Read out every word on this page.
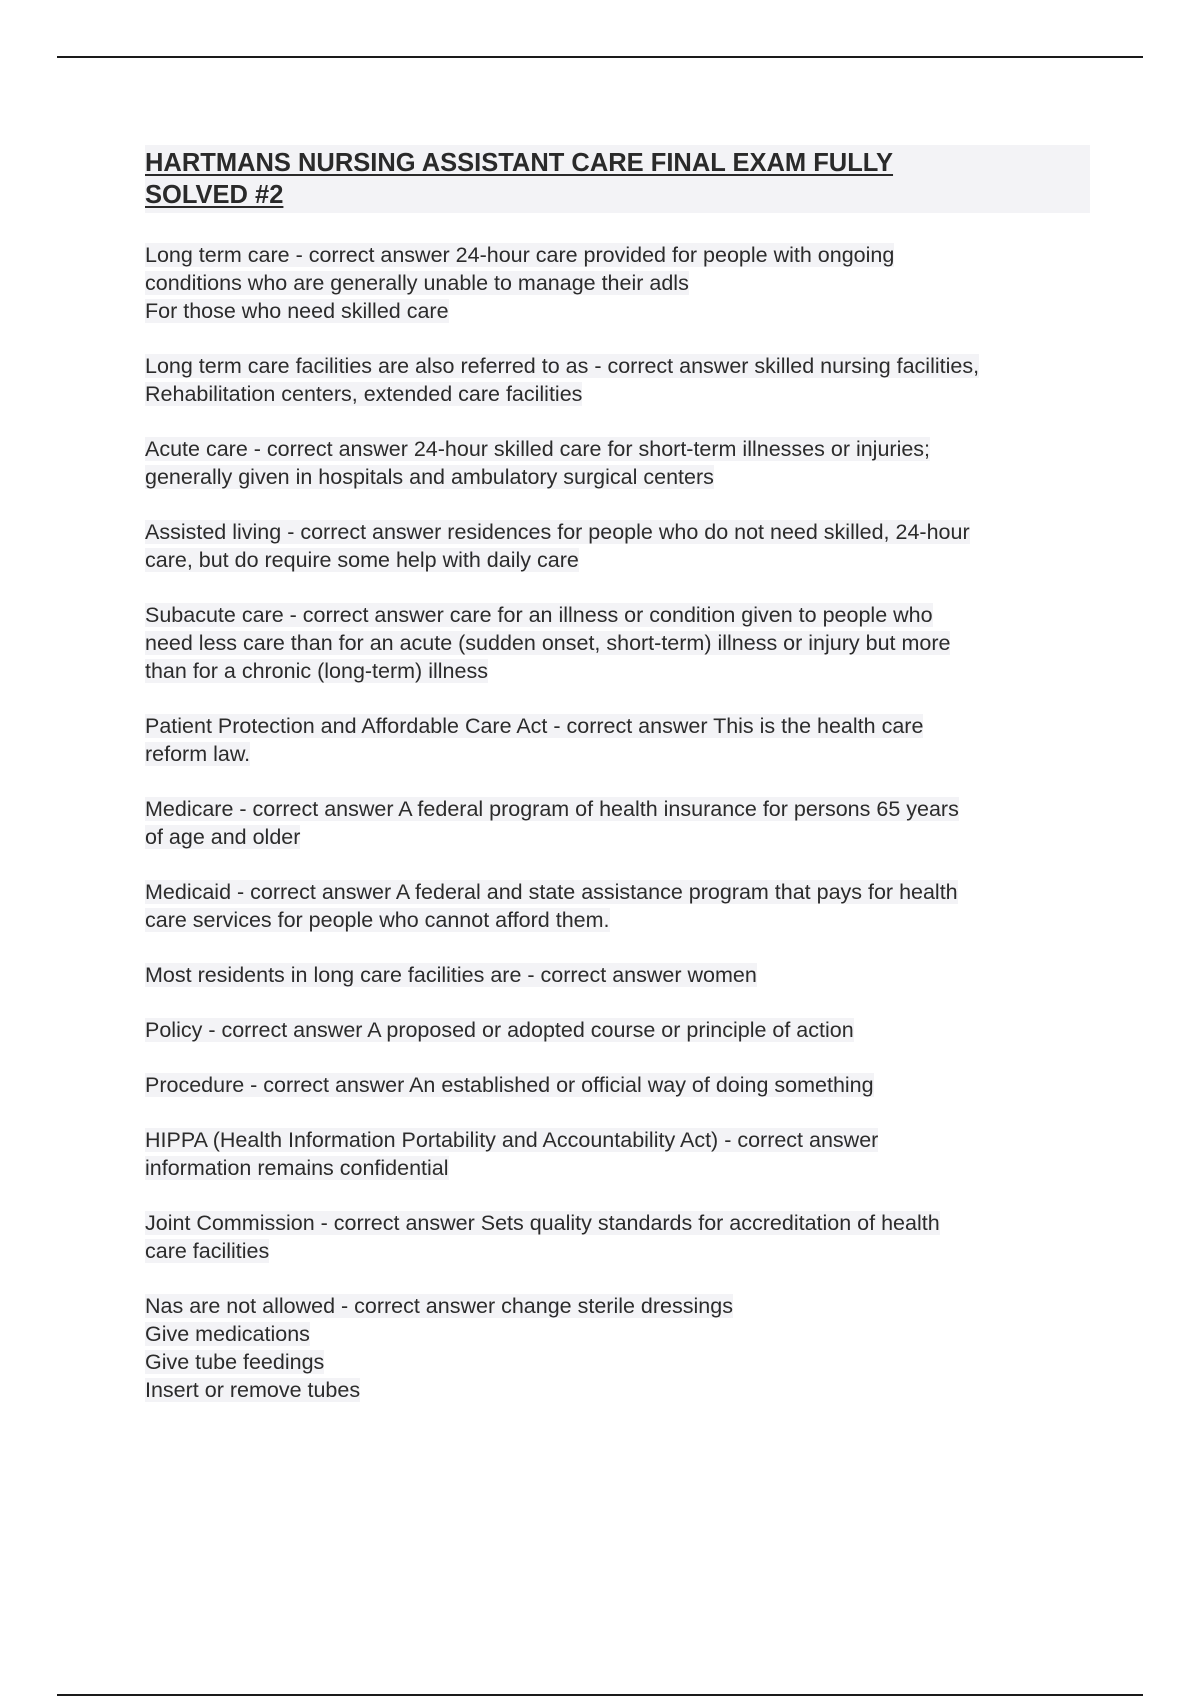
HARTMANS NURSING ASSISTANT CARE FINAL EXAM FULLY
SOLVED #2
Long term care - correct answer 24-hour care provided for people with ongoing
conditions who are generally unable to manage their adls
For those who need skilled care
Long term care facilities are also referred to as - correct answer skilled nursing facilities,
Rehabilitation centers, extended care facilities
Acute care - correct answer 24-hour skilled care for short-term illnesses or injuries;
generally given in hospitals and ambulatory surgical centers
Assisted living - correct answer residences for people who do not need skilled, 24-hour
care, but do require some help with daily care
Subacute care - correct answer care for an illness or condition given to people who
need less care than for an acute (sudden onset, short-term) illness or injury but more
than for a chronic (long-term) illness
Patient Protection and Affordable Care Act - correct answer This is the health care
reform law.
Medicare - correct answer A federal program of health insurance for persons 65 years
of age and older
Medicaid - correct answer A federal and state assistance program that pays for health
care services for people who cannot afford them.
Most residents in long care facilities are - correct answer women
Policy - correct answer A proposed or adopted course or principle of action
Procedure - correct answer An established or official way of doing something
HIPPA (Health Information Portability and Accountability Act) - correct answer
information remains confidential
Joint Commission - correct answer Sets quality standards for accreditation of health
care facilities
Nas are not allowed - correct answer change sterile dressings
Give medications
Give tube feedings
Insert or remove tubes
